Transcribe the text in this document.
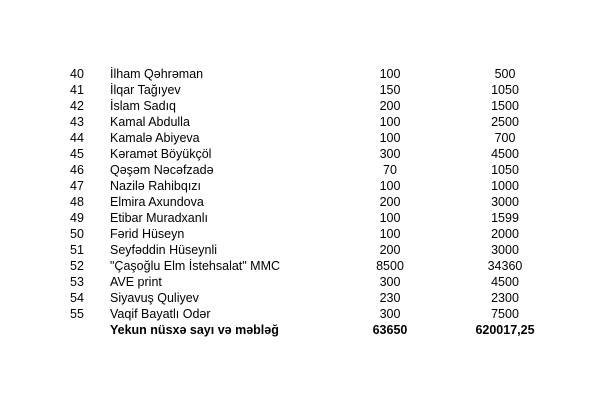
40	İlham Qəhrəman	100	500
41	İlqar Tağıyev	150	1050
42	İslam Sadıq	200	1500
43	Kamal Abdulla	100	2500
44	Kamalə Abiyeva	100	700
45	Kəramət Böyükçöl	300	4500
46	Qəşəm Nəcəfzadə	70	1050
47	Nazilə Rahibqızı	100	1000
48	Elmira Axundova	200	3000
49	Etibar Muradxanlı	100	1599
50	Fərid Hüseyn	100	2000
51	Seyfəddin Hüseynli	200	3000
52	"Çaşoğlu Elm İstehsalat" MMC	8500	34360
53	AVE print	300	4500
54	Siyavuş Quliyev	230	2300
55	Vaqif Bayatlı Odər	300	7500
	Yekun nüsxə sayı və məbləğ	63650	620017,25
